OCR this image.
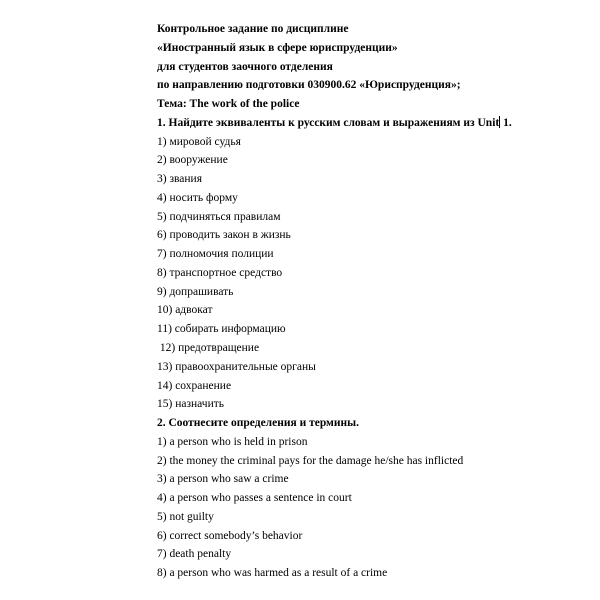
Контрольное задание по дисциплине

«Иностранный язык в сфере юриспруденции»

для студентов заочного отделения

по направлению подготовки 030900.62 «Юриспруденция»;

Тема: The work of the police

1. Найдите эквиваленты к русским словам и выражениям из Unit 1.

1) мировой судья

2) вооружение

3) звания

4) носить форму

5) подчиняться правилам

6) проводить закон в жизнь

7) полномочия полиции

8) транспортное средство

9) допрашивать

10) адвокат

11) собирать информацию

12) предотвращение

13) правоохранительные органы

14) сохранение

15) назначить

2. Соотнесите определения и термины.

1) a person who is held in prison

2) the money the criminal pays for the damage he/she has inflicted

3) a person who saw a crime

4) a person who passes a sentence in court

5) not guilty

6) correct somebody’s behavior

7) death penalty

8) a person who was harmed as a result of a crime
